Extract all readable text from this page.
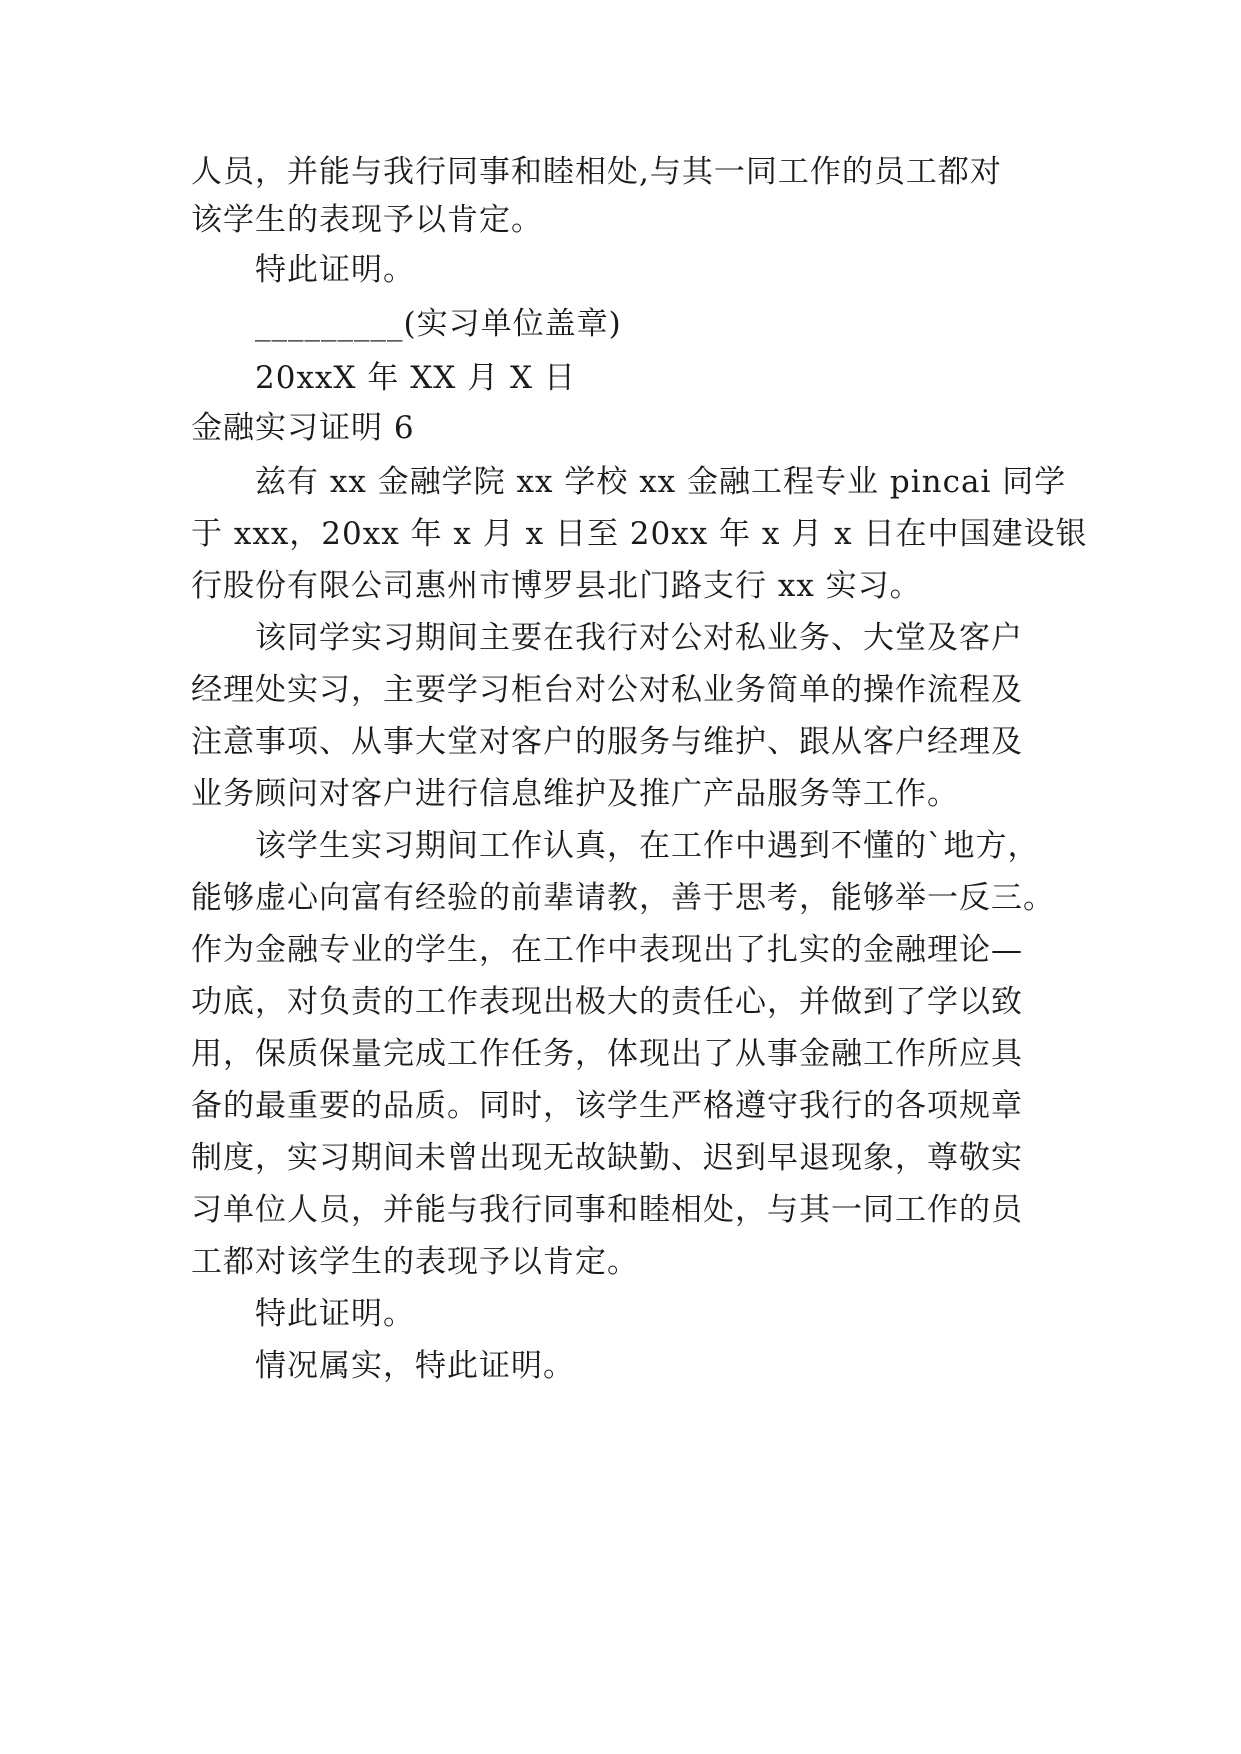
人员，并能与我行同事和睦相处,与其一同工作的员工都对
该学生的表现予以肯定。
特此证明。
_________(实习单位盖章)
20xxX 年 XX 月 X 日
金融实习证明 6
兹有 xx 金融学院 xx 学校 xx 金融工程专业 pincai 同学
于 xxx，20xx 年 x 月 x 日至 20xx 年 x 月 x 日在中国建设银
行股份有限公司惠州市博罗县北门路支行 xx 实习。
该同学实习期间主要在我行对公对私业务、大堂及客户
经理处实习，主要学习柜台对公对私业务简单的操作流程及
注意事项、从事大堂对客户的服务与维护、跟从客户经理及
业务顾问对客户进行信息维护及推广产品服务等工作。
该学生实习期间工作认真，在工作中遇到不懂的`地方，
能够虚心向富有经验的前辈请教，善于思考，能够举一反三。
作为金融专业的学生，在工作中表现出了扎实的金融理论—
功底，对负责的工作表现出极大的责任心，并做到了学以致
用，保质保量完成工作任务，体现出了从事金融工作所应具
备的最重要的品质。同时，该学生严格遵守我行的各项规章
制度，实习期间未曾出现无故缺勤、迟到早退现象，尊敬实
习单位人员，并能与我行同事和睦相处，与其一同工作的员
工都对该学生的表现予以肯定。
特此证明。
情况属实，特此证明。
